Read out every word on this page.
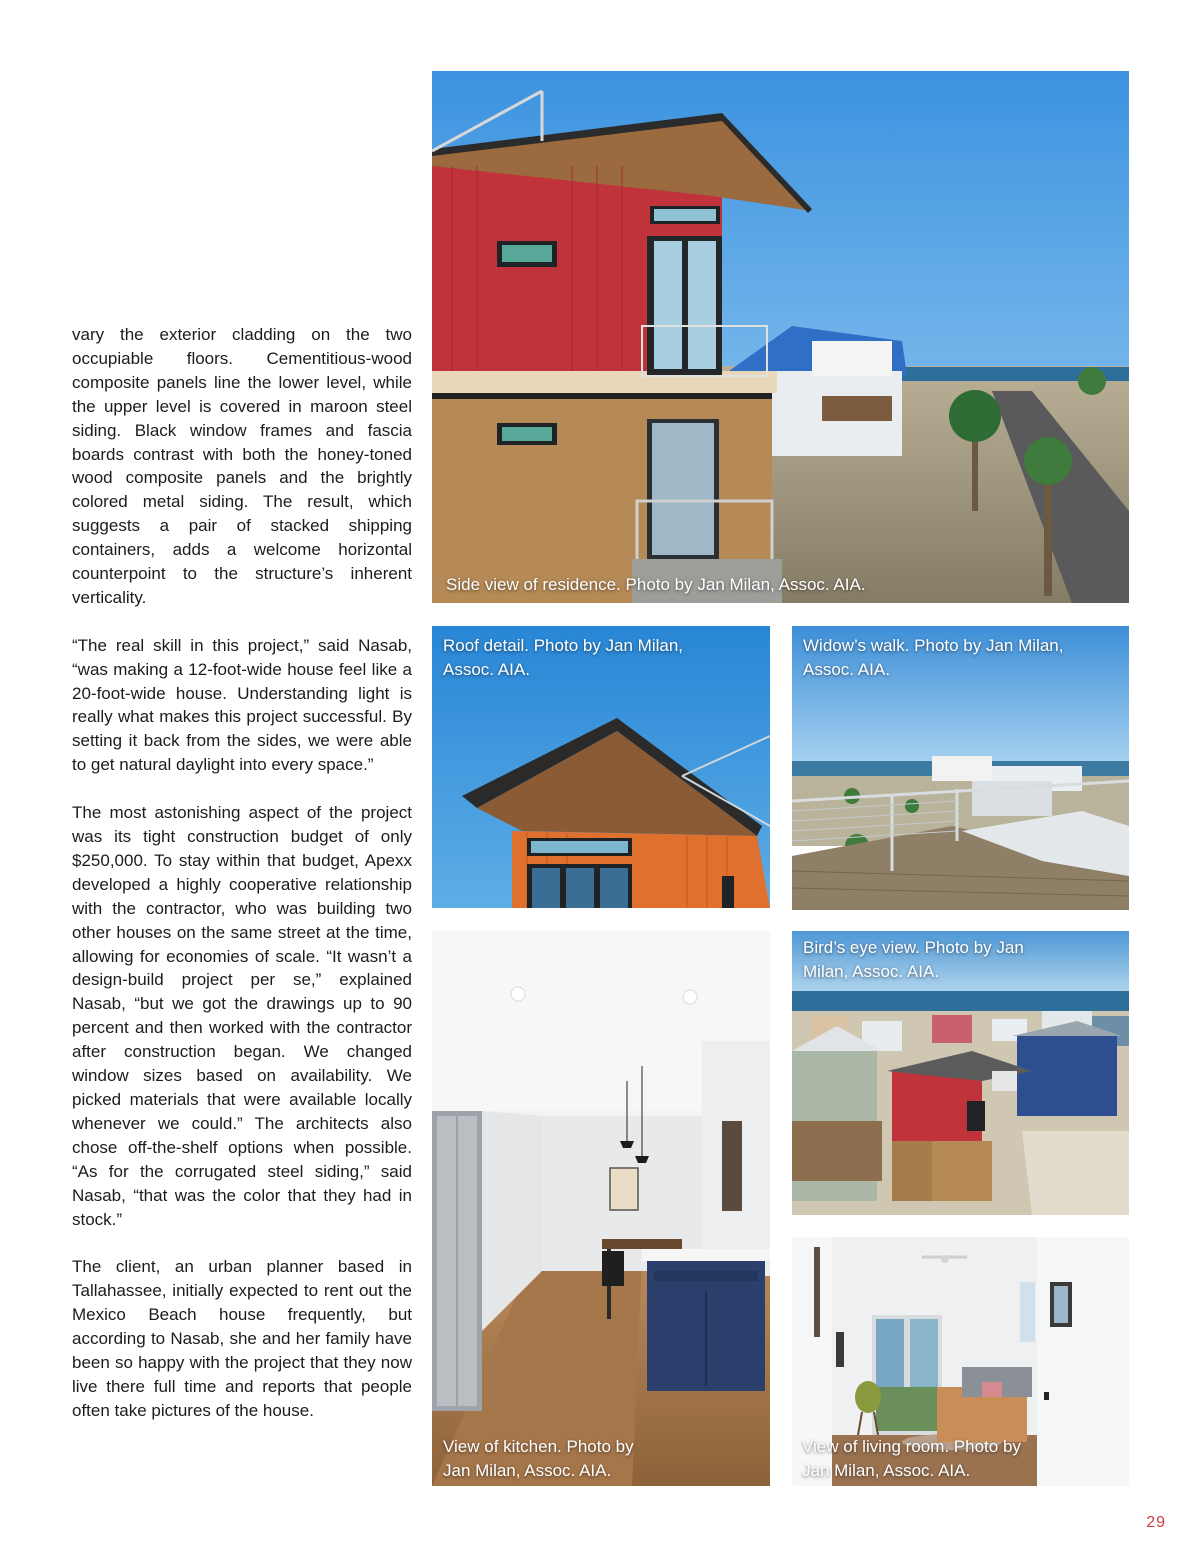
vary the exterior cladding on the two occupiable floors. Cementitious-wood composite panels line the lower level, while the upper level is covered in maroon steel siding. Black window frames and fascia boards contrast with both the honey-toned wood composite panels and the brightly colored metal siding. The result, which suggests a pair of stacked shipping containers, adds a welcome horizontal counterpoint to the structure’s inherent verticality.

“The real skill in this project,” said Nasab, “was making a 12-foot-wide house feel like a 20-foot-wide house. Understanding light is really what makes this project successful. By setting it back from the sides, we were able to get natural daylight into every space.”

The most astonishing aspect of the project was its tight construction budget of only $250,000. To stay within that budget, Apexx developed a highly cooperative relationship with the contractor, who was building two other houses on the same street at the time, allowing for economies of scale. “It wasn’t a design-build project per se,” explained Nasab, “but we got the drawings up to 90 percent and then worked with the contractor after construction began. We changed window sizes based on availability. We picked materials that were available locally whenever we could.” The architects also chose off-the-shelf options when possible. “As for the corrugated steel siding,” said Nasab, “that was the color that they had in stock.”

The client, an urban planner based in Tallahassee, initially expected to rent out the Mexico Beach house frequently, but according to Nasab, she and her family have been so happy with the project that they now live there full time and reports that people often take pictures of the house.

Side view of residence. Photo by Jan Milan, Assoc. AIA.
Roof detail. Photo by Jan Milan,
Assoc. AIA.
Widow’s walk. Photo by Jan Milan,
Assoc. AIA.
View of kitchen. Photo by
Jan Milan, Assoc. AIA.
Bird’s eye view. Photo by Jan
Milan, Assoc. AIA.
View of living room. Photo by
Jan Milan, Assoc. AIA.
29
